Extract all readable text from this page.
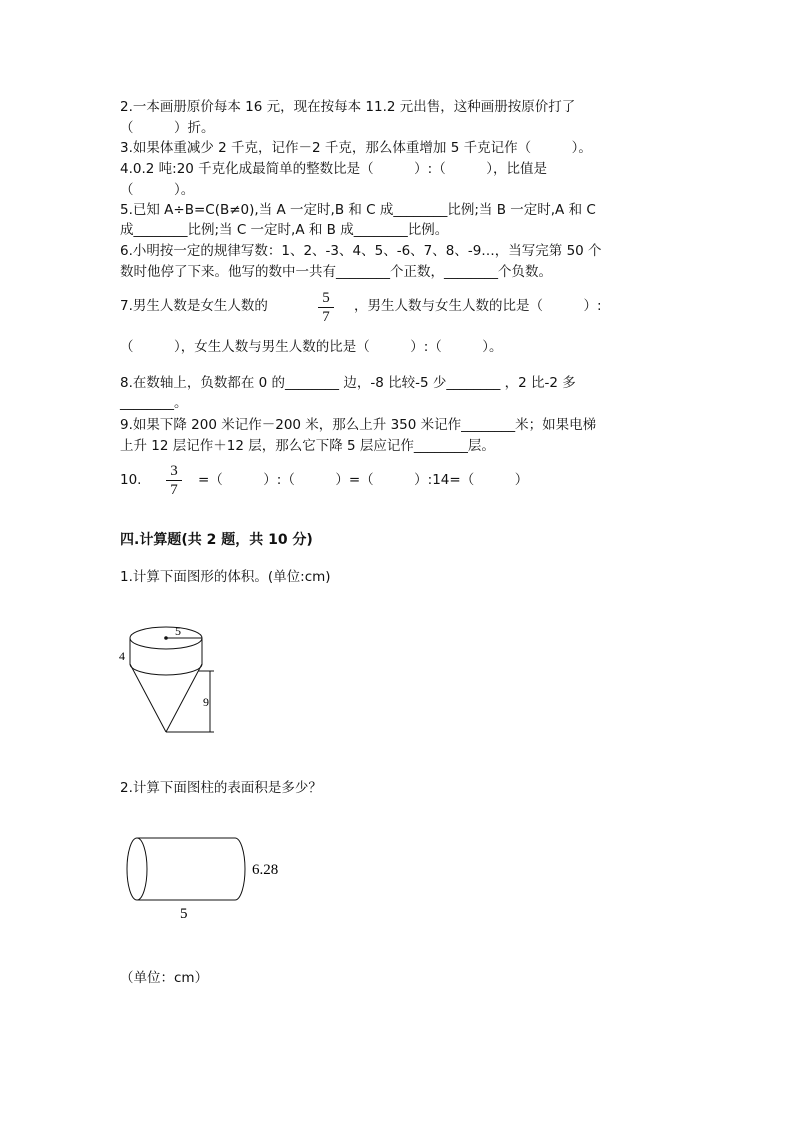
2.一本画册原价每本 16 元，现在按每本 11.2 元出售，这种画册按原价打了
（　　　）折。
3.如果体重减少 2 千克，记作－2 千克，那么体重增加 5 千克记作（　　　）。
4.0.2 吨:20 千克化成最简单的整数比是（　　　）:（　　　），比值是
（　　　）。
5.已知 A÷B=C(B≠0),当 A 一定时,B 和 C 成________比例;当 B 一定时,A 和 C
成________比例;当 C 一定时,A 和 B 成________比例。
6.小明按一定的规律写数：1、2、-3、4、5、-6、7、8、-9…，当写完第 50 个
数时他停了下来。他写的数中一共有________个正数，________个负数。
7.男生人数是女生人数的	5
7
，男生人数与女生人数的比是（　　　）:
（　　　），女生人数与男生人数的比是（　　　）:（　　　）。
8.在数轴上，负数都在 0 的________ 边，-8 比较-5 少________ ，2 比-2 多
________。
9.如果下降 200 米记作－200 米，那么上升 350 米记作________米；如果电梯
上升 12 层记作＋12 层，那么它下降 5 层应记作________层。
10.
3
7
=（　　　）:（　　　）=（　　　）:14=（　　　）
四.计算题(共 2 题，共 10 分)
1.计算下面图形的体积。(单位:cm)
5
4
9
2.计算下面图柱的表面积是多少？
6.28
5
（单位：cm）
